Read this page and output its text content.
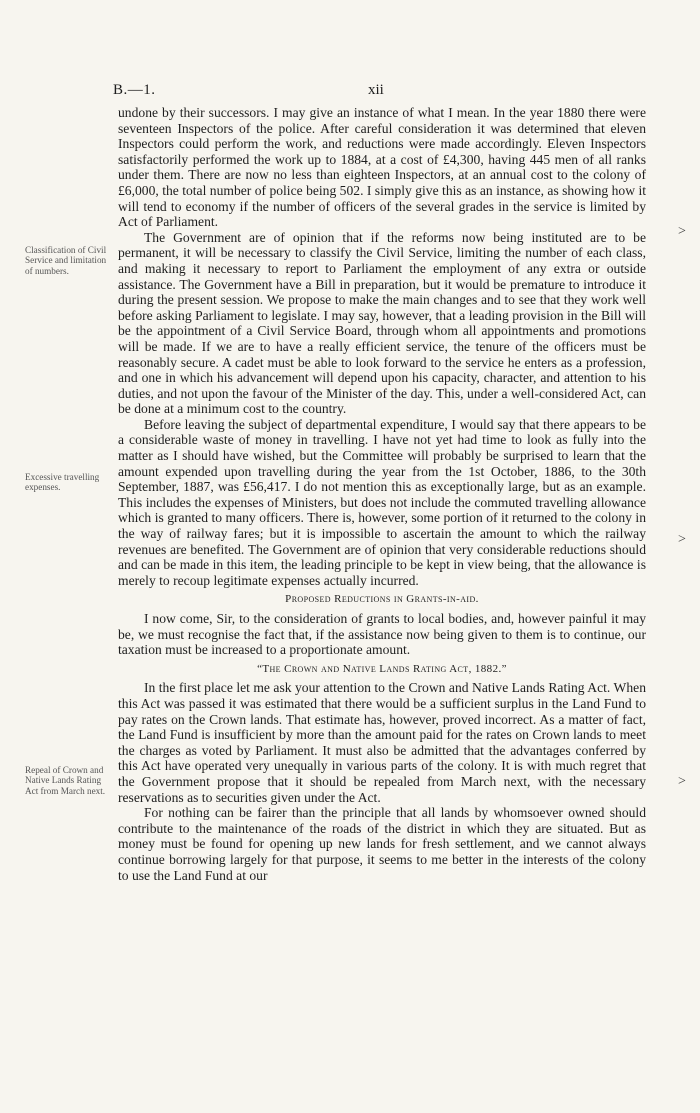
B.—1.	xii
Classification of Civil Service and limitation of numbers.
Excessive travelling expenses.
Repeal of Crown and Native Lands Rating Act from March next.
>
>
>

undone by their successors. I may give an instance of what I mean. In the year 1880 there were seventeen Inspectors of the police. After careful consideration it was determined that eleven Inspectors could perform the work, and reductions were made accordingly. Eleven Inspectors satisfactorily performed the work up to 1884, at a cost of £4,300, having 445 men of all ranks under them. There are now no less than eighteen Inspectors, at an annual cost to the colony of £6,000, the total number of police being 502. I simply give this as an instance, as showing how it will tend to economy if the number of officers of the several grades in the service is limited by Act of Parliament.

The Government are of opinion that if the reforms now being instituted are to be permanent, it will be necessary to classify the Civil Service, limiting the number of each class, and making it necessary to report to Parliament the employment of any extra or outside assistance. The Government have a Bill in preparation, but it would be premature to introduce it during the present session. We propose to make the main changes and to see that they work well before asking Parliament to legislate. I may say, however, that a leading provision in the Bill will be the appointment of a Civil Service Board, through whom all appointments and promotions will be made. If we are to have a really efficient service, the tenure of the officers must be reasonably secure. A cadet must be able to look forward to the service he enters as a profession, and one in which his advancement will depend upon his capacity, character, and attention to his duties, and not upon the favour of the Minister of the day. This, under a well-considered Act, can be done at a minimum cost to the country.

Before leaving the subject of departmental expenditure, I would say that there appears to be a considerable waste of money in travelling. I have not yet had time to look as fully into the matter as I should have wished, but the Committee will probably be surprised to learn that the amount expended upon travelling during the year from the 1st October, 1886, to the 30th September, 1887, was £56,417. I do not mention this as exceptionally large, but as an example. This includes the expenses of Ministers, but does not include the commuted travelling allowance which is granted to many officers. There is, however, some portion of it returned to the colony in the way of railway fares; but it is impossible to ascertain the amount to which the railway revenues are benefited. The Government are of opinion that very considerable reductions should and can be made in this item, the leading principle to be kept in view being, that the allowance is merely to recoup legitimate expenses actually incurred.

Proposed Reductions in Grants-in-aid.

I now come, Sir, to the consideration of grants to local bodies, and, however painful it may be, we must recognise the fact that, if the assistance now being given to them is to continue, our taxation must be increased to a proportionate amount.

“The Crown and Native Lands Rating Act, 1882.”

In the first place let me ask your attention to the Crown and Native Lands Rating Act. When this Act was passed it was estimated that there would be a sufficient surplus in the Land Fund to pay rates on the Crown lands. That estimate has, however, proved incorrect. As a matter of fact, the Land Fund is insufficient by more than the amount paid for the rates on Crown lands to meet the charges as voted by Parliament. It must also be admitted that the advantages conferred by this Act have operated very unequally in various parts of the colony. It is with much regret that the Government propose that it should be repealed from March next, with the necessary reservations as to securities given under the Act.

For nothing can be fairer than the principle that all lands by whomsoever owned should contribute to the maintenance of the roads of the district in which they are situated. But as money must be found for opening up new lands for fresh settlement, and we cannot always continue borrowing largely for that purpose, it seems to me better in the interests of the colony to use the Land Fund at our
